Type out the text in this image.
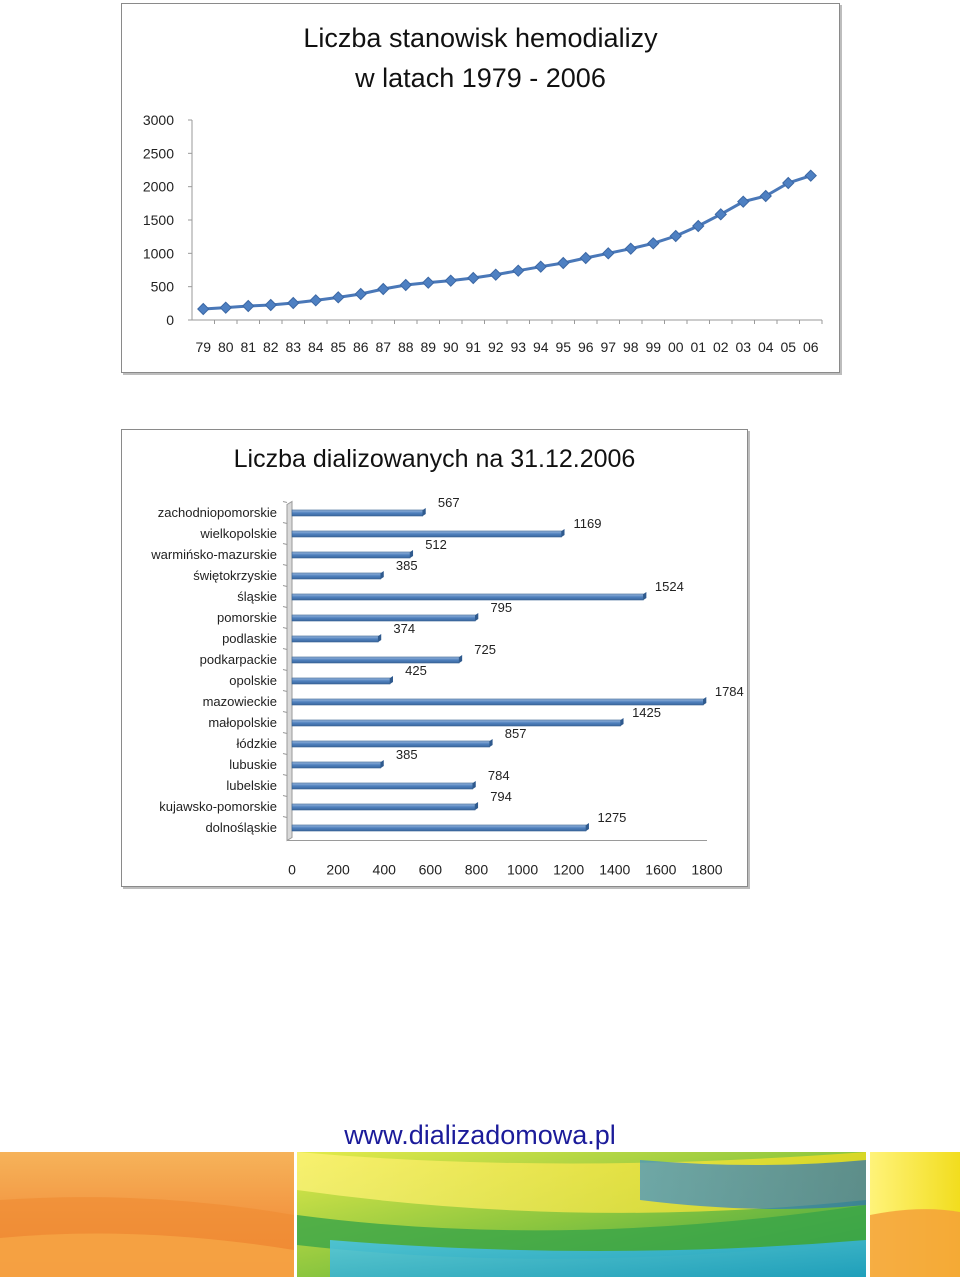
Liczba stanowisk hemodializy
w latach 1979 - 2006
0
500
1000
1500
2000
2500
3000
79 80 81 82 83 84 85 86 87 88 89 90 91 92 93 94 95 96 97 98 99 00 01 02 03 04 05 06
Liczba dializowanych na 31.12.2006
zachodniopomorskie
567
wielkopolskie
1169
warmińsko-mazurskie
512
świętokrzyskie
385
śląskie
1524
pomorskie
795
podlaskie
374
podkarpackie
725
opolskie
425
mazowieckie
1784
małopolskie
1425
łódzkie
857
lubuskie
385
lubelskie
784
kujawsko-pomorskie
794
dolnośląskie
1275
0 200 400 600 800 1000 1200 1400 1600 1800
www.dializadomowa.pl
